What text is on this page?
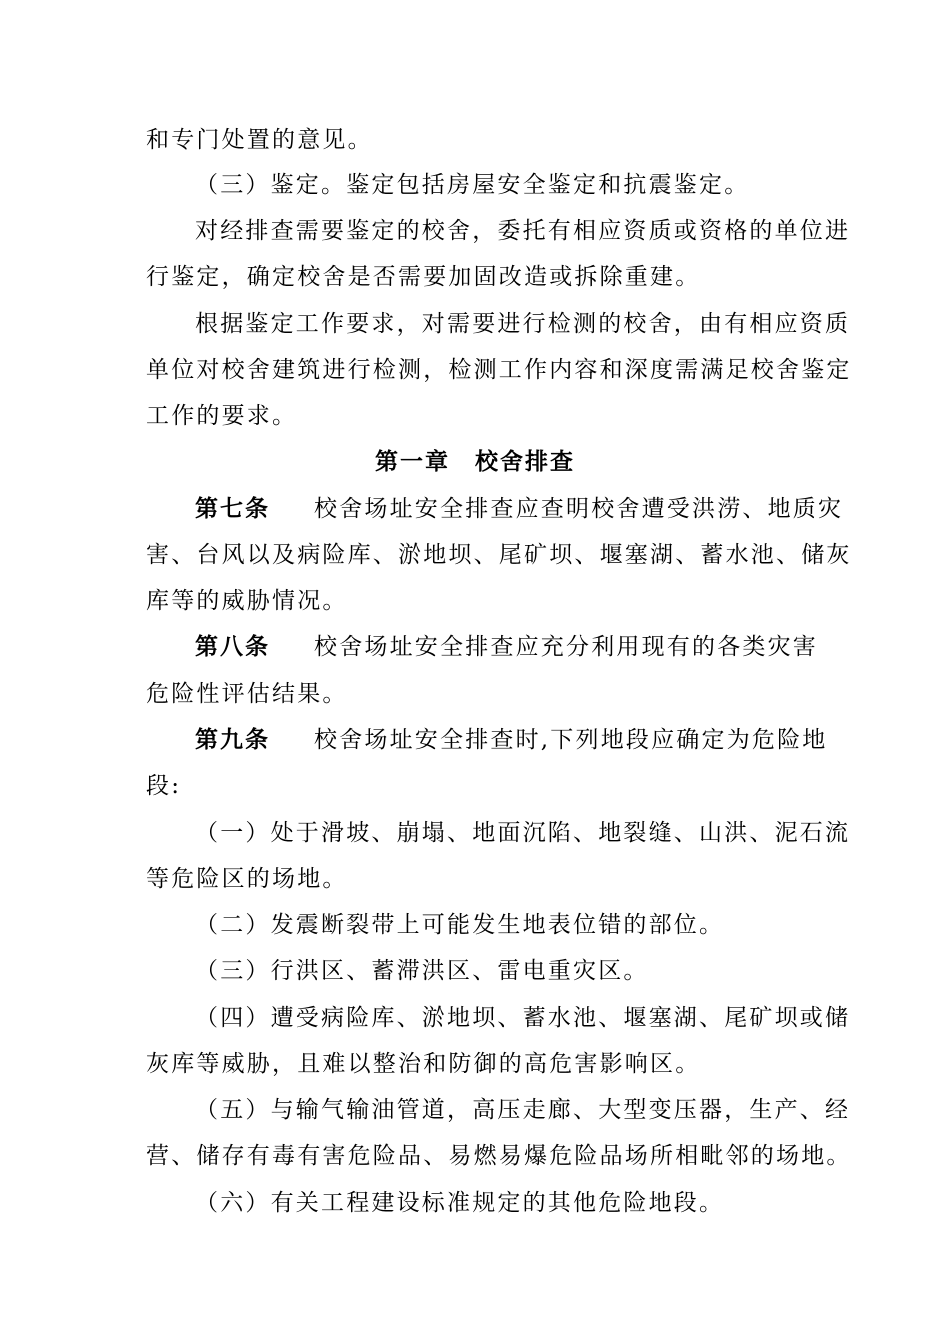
和专门处置的意见。
（三）鉴定。鉴定包括房屋安全鉴定和抗震鉴定。
对经排查需要鉴定的校舍，委托有相应资质或资格的单位进
行鉴定，确定校舍是否需要加固改造或拆除重建。
根据鉴定工作要求，对需要进行检测的校舍，由有相应资质
单位对校舍建筑进行检测，检测工作内容和深度需满足校舍鉴定
工作的要求。
第一章　校舍排查
第七条 校舍场址安全排查应查明校舍遭受洪涝、地质灾
害、台风以及病险库、淤地坝、尾矿坝、堰塞湖、蓄水池、储灰
库等的威胁情况。
第八条 校舍场址安全排查应充分利用现有的各类灾害
危险性评估结果。
第九条 校舍场址安全排查时,下列地段应确定为危险地
段:
（一）处于滑坡、崩塌、地面沉陷、地裂缝、山洪、泥石流
等危险区的场地。
（二）发震断裂带上可能发生地表位错的部位。
（三）行洪区、蓄滞洪区、雷电重灾区。
（四）遭受病险库、淤地坝、蓄水池、堰塞湖、尾矿坝或储
灰库等威胁，且难以整治和防御的高危害影响区。
（五）与输气输油管道，高压走廊、大型变压器，生产、经
营、储存有毒有害危险品、易燃易爆危险品场所相毗邻的场地。
（六）有关工程建设标准规定的其他危险地段。
